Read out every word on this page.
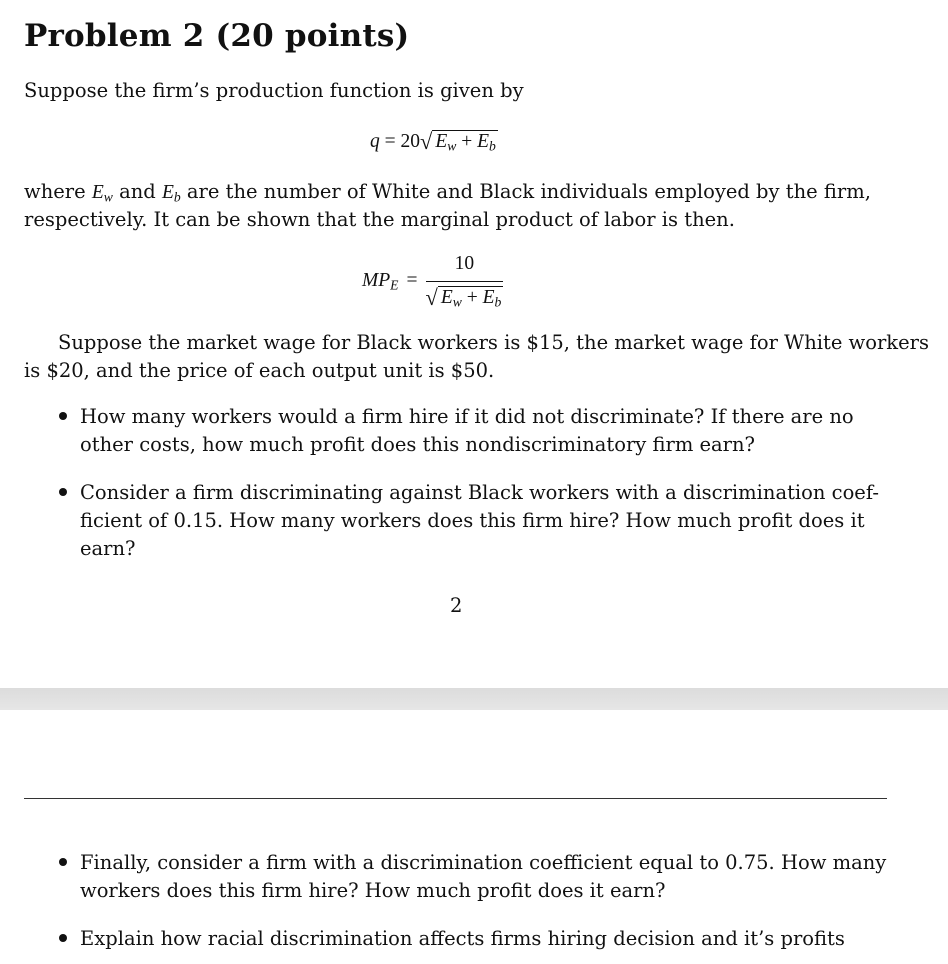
Problem 2 (20 points)
Suppose the firm’s production function is given by
q = 20√ $E_w + E_b$
where $E_w$ and $E_b$ are the number of White and Black individuals employed by the firm,
respectively. It can be shown that the marginal product of labor is then.
$MP_E = \frac{10}{√ E_w + E_b}$
Suppose the market wage for Black workers is $15, the market wage for White workers
is $20, and the price of each output unit is $50.
How many workers would a firm hire if it did not discriminate? If there are no
other costs, how much profit does this nondiscriminatory firm earn?
Consider a firm discriminating against Black workers with a discrimination coef-
ficient of 0.15. How many workers does this firm hire? How much profit does it
earn?
2
Finally, consider a firm with a discrimination coefficient equal to 0.75. How many
workers does this firm hire? How much profit does it earn?
Explain how racial discrimination affects firms hiring decision and it’s profits
